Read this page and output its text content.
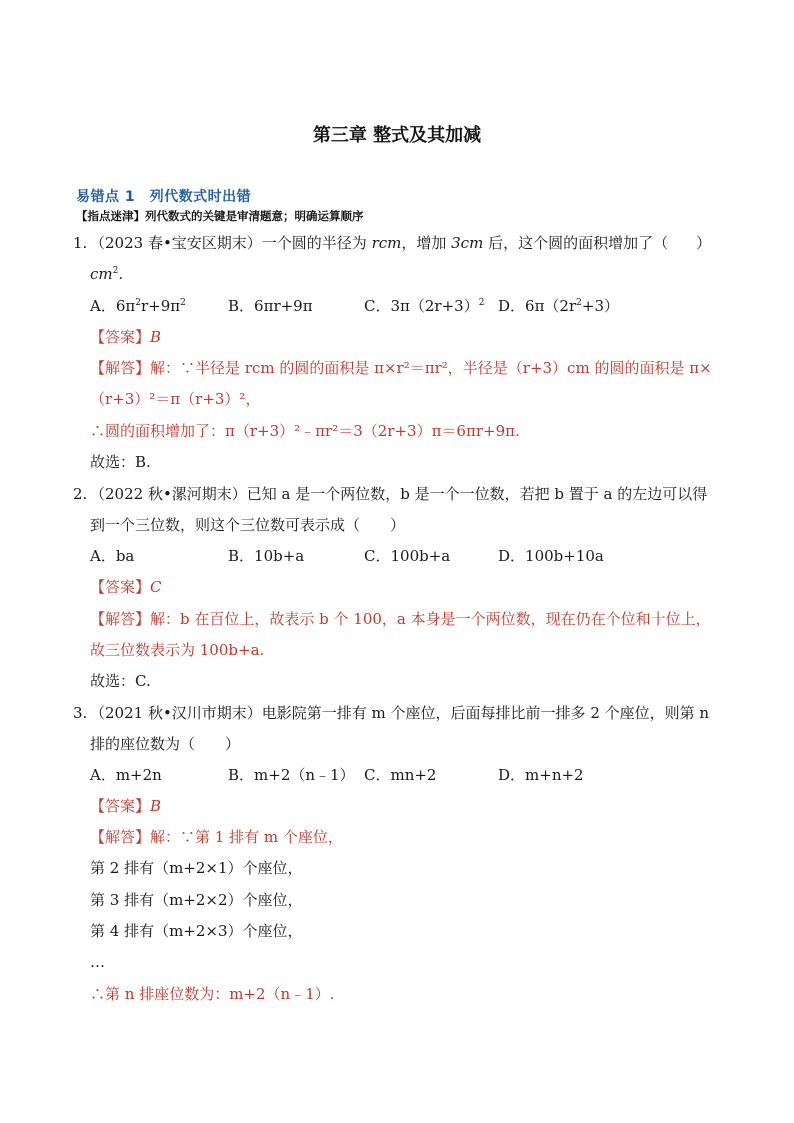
第三章 整式及其加减
易错点 1　列代数式时出错
【指点迷津】列代数式的关键是审清题意；明确运算顺序
1. （2023 春•宝安区期末）一个圆的半径为 rcm，增加 3cm 后，这个圆的面积增加了（ ）
$cm^2$.
A．$6\pi^2r+9\pi^2$	B．6πr+9π	C．$3\pi(2r+3)^2$ D．$6\pi(2r^2+3)$
【答案】B
【解答】解：∵半径是 rcm 的圆的面积是 π×r²＝πr²，半径是（r+3）cm 的圆的面积是 π×
（r+3）²＝π（r+3）²，
∴圆的面积增加了：π（r+3）²﹣πr²＝3（2r+3）π＝6πr+9π.
故选：B.
2. （2022 秋•漯河期末）已知 a 是一个两位数，b 是一个一位数，若把 b 置于 a 的左边可以得
到一个三位数，则这个三位数可表示成（　　）
A．ba	B．10b+a	C．100b+a	D．100b+10a
【答案】C
【解答】解：b 在百位上，故表示 b 个 100，a 本身是一个两位数，现在仍在个位和十位上，
故三位数表示为 100b+a.
故选：C.
3. （2021 秋•汉川市期末）电影院第一排有 m 个座位，后面每排比前一排多 2 个座位，则第 n
排的座位数为（　　）
A．m+2n	B．m+2（n﹣1） C．mn+2	D．m+n+2
【答案】B
【解答】解：∵第 1 排有 m 个座位，
第 2 排有（m+2×1）个座位，
第 3 排有（m+2×2）个座位，
第 4 排有（m+2×3）个座位，
…
∴第 n 排座位数为：m+2（n﹣1）.
